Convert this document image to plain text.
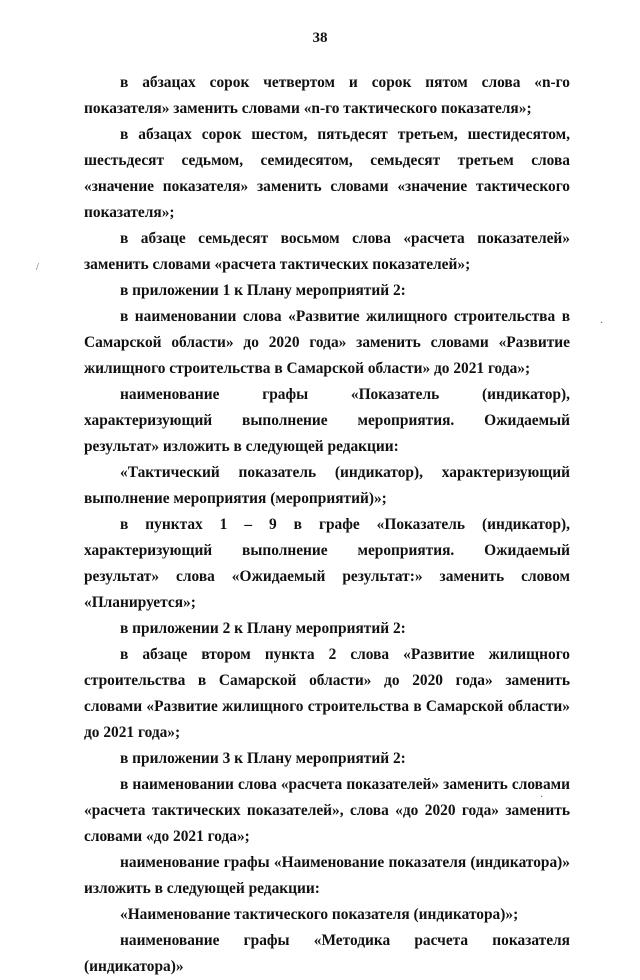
38

в абзацах сорок четвертом и сорок пятом слова «n-го показателя» заменить словами «n-го тактического показателя»;

в абзацах сорок шестом, пятьдесят третьем, шестидесятом, шестьдесят седьмом, семидесятом, семьдесят третьем слова «значение показателя» заменить словами «значение тактического показателя»;

в абзаце семьдесят восьмом слова «расчета показателей» заменить словами «расчета тактических показателей»;

в приложении 1 к Плану мероприятий 2:

в наименовании слова «Развитие жилищного строительства в Самарской области» до 2020 года» заменить словами «Развитие жилищного строительства в Самарской области» до 2021 года»;

наименование графы «Показатель (индикатор), характеризующий выполнение мероприятия. Ожидаемый результат» изложить в следующей редакции:

«Тактический показатель (индикатор), характеризующий выполнение мероприятия (мероприятий)»;

в пунктах 1 – 9 в графе «Показатель (индикатор), характеризующий выполнение мероприятия. Ожидаемый результат» слова «Ожидаемый результат:» заменить словом «Планируется»;

в приложении 2 к Плану мероприятий 2:

в абзаце втором пункта 2 слова «Развитие жилищного строительства в Самарской области» до 2020 года» заменить словами «Развитие жилищного строительства в Самарской области» до 2021 года»;

в приложении 3 к Плану мероприятий 2:

в наименовании слова «расчета показателей» заменить словами «расчета тактических показателей», слова «до 2020 года» заменить словами «до 2021 года»;

наименование графы «Наименование показателя (индикатора)» изложить в следующей редакции:

«Наименование тактического показателя (индикатора)»;

наименование графы «Методика расчета показателя (индикатора)»

/
·
·
